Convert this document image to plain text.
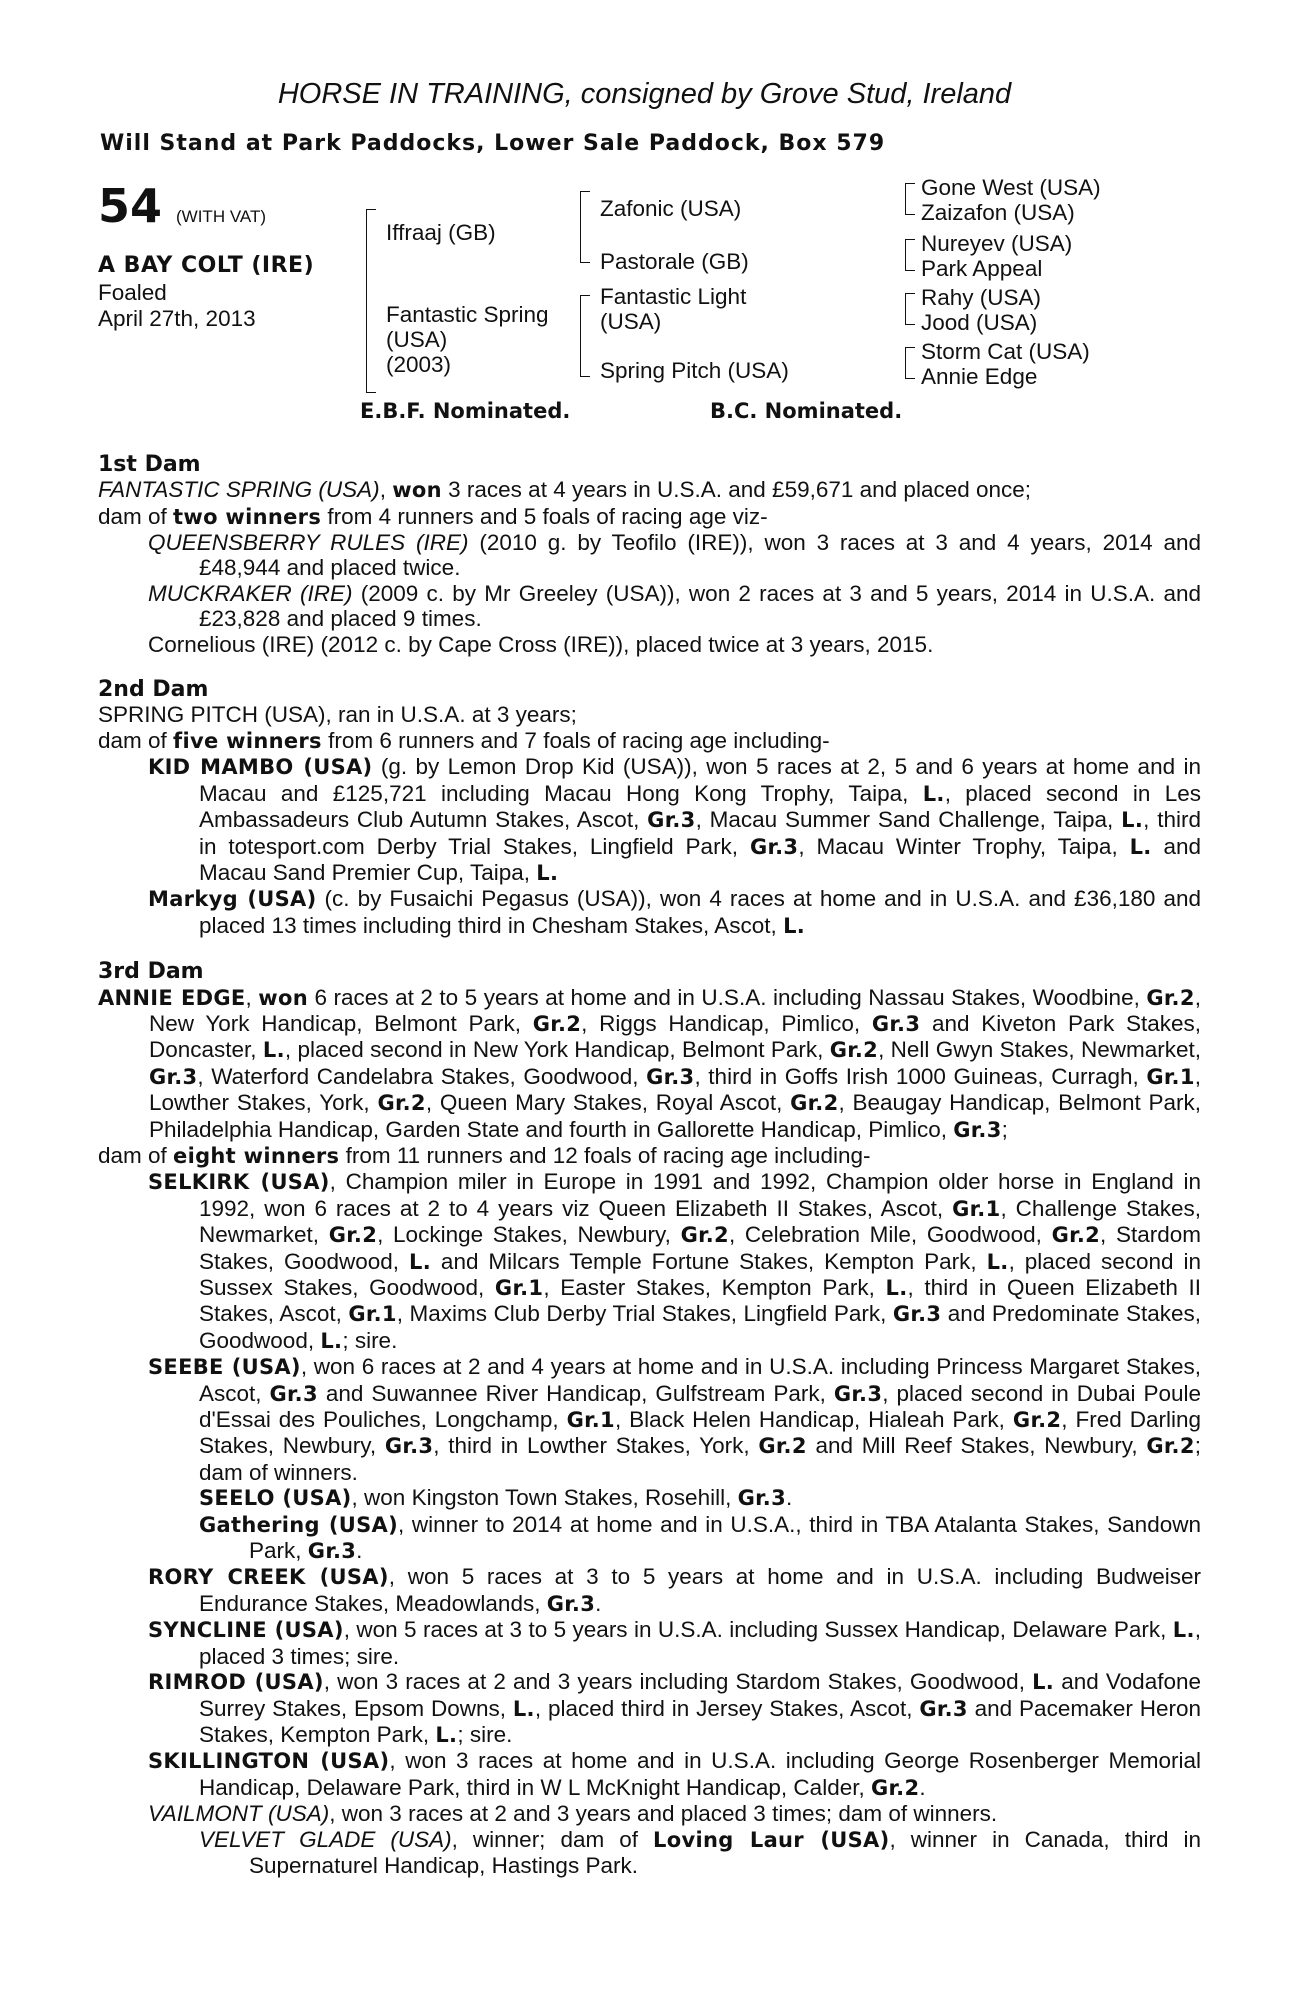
HORSE IN TRAINING, consigned by Grove Stud, Ireland
Will Stand at Park Paddocks, Lower Sale Paddock, Box 579
54 (WITH VAT)
A BAY COLT (IRE)
Foaled
April 27th, 2013
Iffraaj (GB)
Fantastic Spring
(USA)
(2003)
Zafonic (USA)
Pastorale (GB)
Fantastic Light
(USA)
Spring Pitch (USA)
Gone West (USA)
Zaizafon (USA)
Nureyev (USA)
Park Appeal
Rahy (USA)
Jood (USA)
Storm Cat (USA)
Annie Edge
E.B.F. Nominated.	B.C. Nominated.
1st Dam

FANTASTIC SPRING (USA), won 3 races at 4 years in U.S.A. and £59,671 and placed once;

dam of two winners from 4 runners and 5 foals of racing age viz-

QUEENSBERRY RULES (IRE) (2010 g. by Teofilo (IRE)), won 3 races at 3 and 4 years, 2014 and £48,944 and placed twice.

MUCKRAKER (IRE) (2009 c. by Mr Greeley (USA)), won 2 races at 3 and 5 years, 2014 in U.S.A. and £23,828 and placed 9 times.

Cornelious (IRE) (2012 c. by Cape Cross (IRE)), placed twice at 3 years, 2015.

2nd Dam

SPRING PITCH (USA), ran in U.S.A. at 3 years;

dam of five winners from 6 runners and 7 foals of racing age including-

KID MAMBO (USA) (g. by Lemon Drop Kid (USA)), won 5 races at 2, 5 and 6 years at home and in Macau and £125,721 including Macau Hong Kong Trophy, Taipa, L., placed second in Les Ambassadeurs Club Autumn Stakes, Ascot, Gr.3, Macau Summer Sand Challenge, Taipa, L., third in totesport.com Derby Trial Stakes, Lingfield Park, Gr.3, Macau Winter Trophy, Taipa, L. and Macau Sand Premier Cup, Taipa, L.

Markyg (USA) (c. by Fusaichi Pegasus (USA)), won 4 races at home and in U.S.A. and £36,180 and placed 13 times including third in Chesham Stakes, Ascot, L.

3rd Dam

ANNIE EDGE, won 6 races at 2 to 5 years at home and in U.S.A. including Nassau Stakes, Woodbine, Gr.2, New York Handicap, Belmont Park, Gr.2, Riggs Handicap, Pimlico, Gr.3 and Kiveton Park Stakes, Doncaster, L., placed second in New York Handicap, Belmont Park, Gr.2, Nell Gwyn Stakes, Newmarket, Gr.3, Waterford Candelabra Stakes, Goodwood, Gr.3, third in Goffs Irish 1000 Guineas, Curragh, Gr.1, Lowther Stakes, York, Gr.2, Queen Mary Stakes, Royal Ascot, Gr.2, Beaugay Handicap, Belmont Park, Philadelphia Handicap, Garden State and fourth in Gallorette Handicap, Pimlico, Gr.3;

dam of eight winners from 11 runners and 12 foals of racing age including-

SELKIRK (USA), Champion miler in Europe in 1991 and 1992, Champion older horse in England in 1992, won 6 races at 2 to 4 years viz Queen Elizabeth II Stakes, Ascot, Gr.1, Challenge Stakes, Newmarket, Gr.2, Lockinge Stakes, Newbury, Gr.2, Celebration Mile, Goodwood, Gr.2, Stardom Stakes, Goodwood, L. and Milcars Temple Fortune Stakes, Kempton Park, L., placed second in Sussex Stakes, Goodwood, Gr.1, Easter Stakes, Kempton Park, L., third in Queen Elizabeth II Stakes, Ascot, Gr.1, Maxims Club Derby Trial Stakes, Lingfield Park, Gr.3 and Predominate Stakes, Goodwood, L.; sire.

SEEBE (USA), won 6 races at 2 and 4 years at home and in U.S.A. including Princess Margaret Stakes, Ascot, Gr.3 and Suwannee River Handicap, Gulfstream Park, Gr.3, placed second in Dubai Poule d'Essai des Pouliches, Longchamp, Gr.1, Black Helen Handicap, Hialeah Park, Gr.2, Fred Darling Stakes, Newbury, Gr.3, third in Lowther Stakes, York, Gr.2 and Mill Reef Stakes, Newbury, Gr.2; dam of winners.

SEELO (USA), won Kingston Town Stakes, Rosehill, Gr.3.

Gathering (USA), winner to 2014 at home and in U.S.A., third in TBA Atalanta Stakes, Sandown Park, Gr.3.

RORY CREEK (USA), won 5 races at 3 to 5 years at home and in U.S.A. including Budweiser Endurance Stakes, Meadowlands, Gr.3.

SYNCLINE (USA), won 5 races at 3 to 5 years in U.S.A. including Sussex Handicap, Delaware Park, L., placed 3 times; sire.

RIMROD (USA), won 3 races at 2 and 3 years including Stardom Stakes, Goodwood, L. and Vodafone Surrey Stakes, Epsom Downs, L., placed third in Jersey Stakes, Ascot, Gr.3 and Pacemaker Heron Stakes, Kempton Park, L.; sire.

SKILLINGTON (USA), won 3 races at home and in U.S.A. including George Rosenberger Memorial Handicap, Delaware Park, third in W L McKnight Handicap, Calder, Gr.2.

VAILMONT (USA), won 3 races at 2 and 3 years and placed 3 times; dam of winners.

VELVET GLADE (USA), winner; dam of Loving Laur (USA), winner in Canada, third in Supernaturel Handicap, Hastings Park.
